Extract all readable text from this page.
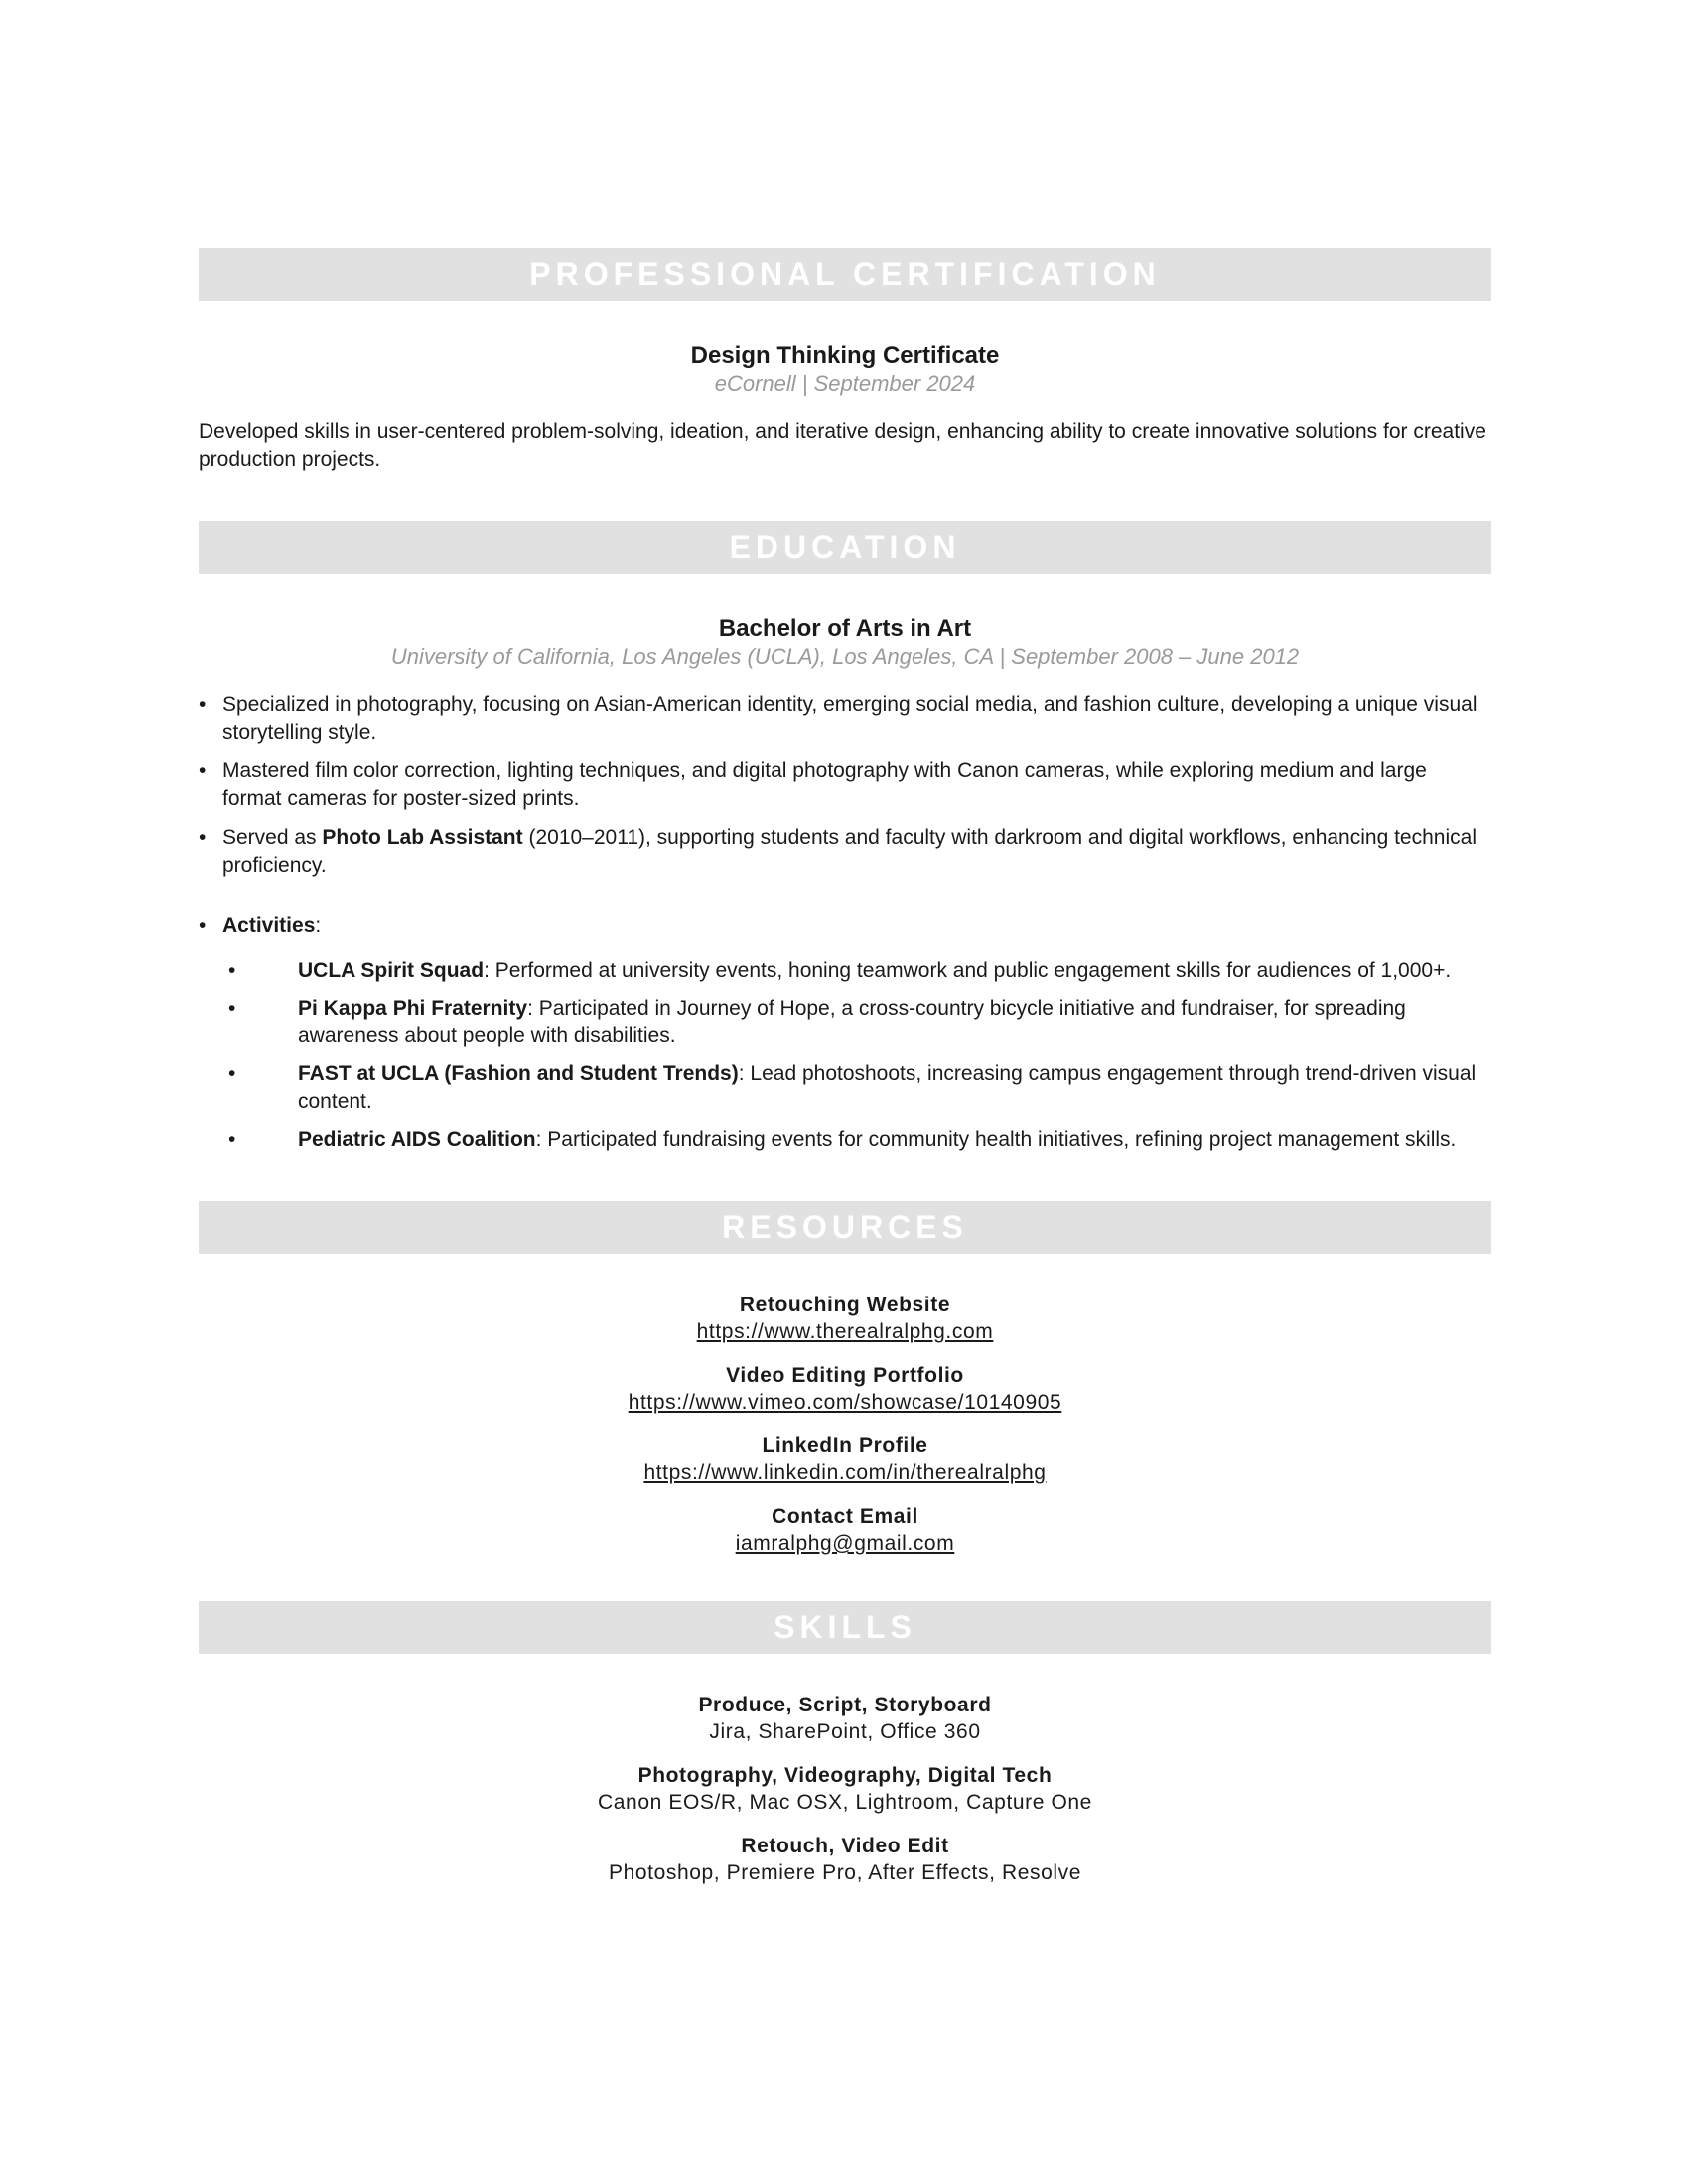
PROFESSIONAL CERTIFICATION
Design Thinking Certificate
eCornell | September 2024

Developed skills in user-centered problem-solving, ideation, and iterative design, enhancing ability to create innovative solutions for creative production projects.

EDUCATION
Bachelor of Arts in Art
University of California, Los Angeles (UCLA), Los Angeles, CA | September 2008 – June 2012
• Specialized in photography, focusing on Asian-American identity, emerging social media, and fashion culture, developing a unique visual storytelling style.
• Mastered film color correction, lighting techniques, and digital photography with Canon cameras, while exploring medium and large format cameras for poster-sized prints.
• Served as Photo Lab Assistant (2010–2011), supporting students and faculty with darkroom and digital workflows, enhancing technical proficiency.
• Activities:
•	UCLA Spirit Squad: Performed at university events, honing teamwork and public engagement skills for audiences of 1,000+.
•	Pi Kappa Phi Fraternity: Participated in Journey of Hope, a cross-country bicycle initiative and fundraiser, for spreading awareness about people with disabilities.
•	FAST at UCLA (Fashion and Student Trends): Lead photoshoots, increasing campus engagement through trend-driven visual content.
•	Pediatric AIDS Coalition: Participated fundraising events for community health initiatives, refining project management skills.
RESOURCES
Retouching Website
https://www.therealralphg.com
Video Editing Portfolio
https://www.vimeo.com/showcase/10140905
LinkedIn Profile
https://www.linkedin.com/in/therealralphg
Contact Email
iamralphg@gmail.com
SKILLS
Produce, Script, Storyboard
Jira, SharePoint, Office 360
Photography, Videography, Digital Tech
Canon EOS/R, Mac OSX, Lightroom, Capture One
Retouch, Video Edit
Photoshop, Premiere Pro, After Effects, Resolve
